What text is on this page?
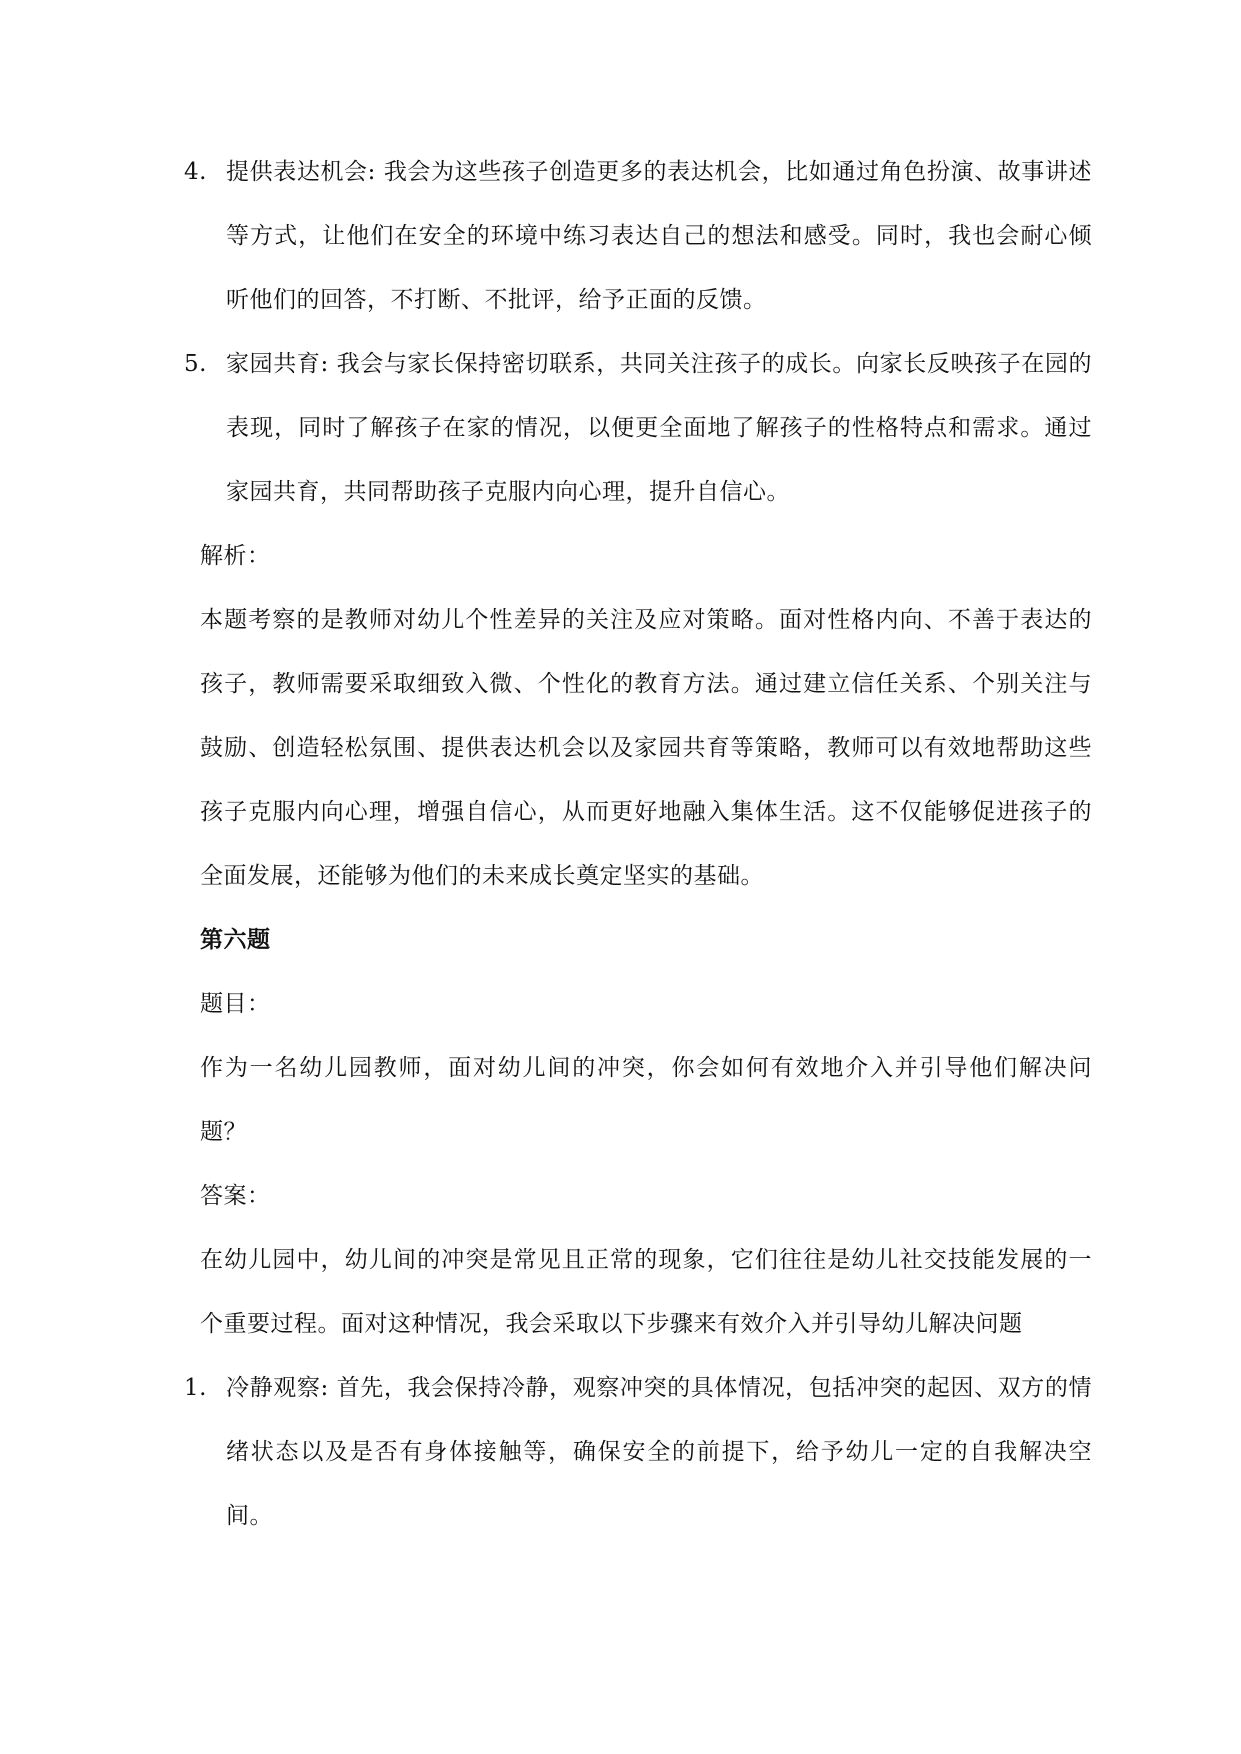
4. 提供表达机会: 我会为这些孩子创造更多的表达机会，比如通过角色扮演、故事讲述等方式，让他们在安全的环境中练习表达自己的想法和感受。同时，我也会耐心倾听他们的回答，不打断、不批评，给予正面的反馈。
5. 家园共育: 我会与家长保持密切联系，共同关注孩子的成长。向家长反映孩子在园的表现，同时了解孩子在家的情况，以便更全面地了解孩子的性格特点和需求。通过家园共育，共同帮助孩子克服内向心理，提升自信心。
解析：
本题考察的是教师对幼儿个性差异的关注及应对策略。面对性格内向、不善于表达的孩子，教师需要采取细致入微、个性化的教育方法。通过建立信任关系、个别关注与鼓励、创造轻松氛围、提供表达机会以及家园共育等策略，教师可以有效地帮助这些孩子克服内向心理，增强自信心，从而更好地融入集体生活。这不仅能够促进孩子的全面发展，还能够为他们的未来成长奠定坚实的基础。
第六题
题目：
作为一名幼儿园教师，面对幼儿间的冲突，你会如何有效地介入并引导他们解决问题？
答案：
在幼儿园中，幼儿间的冲突是常见且正常的现象，它们往往是幼儿社交技能发展的一个重要过程。面对这种情况，我会采取以下步骤来有效介入并引导幼儿解决问题
1. 冷静观察: 首先，我会保持冷静，观察冲突的具体情况，包括冲突的起因、双方的情绪状态以及是否有身体接触等，确保安全的前提下，给予幼儿一定的自我解决空间。
